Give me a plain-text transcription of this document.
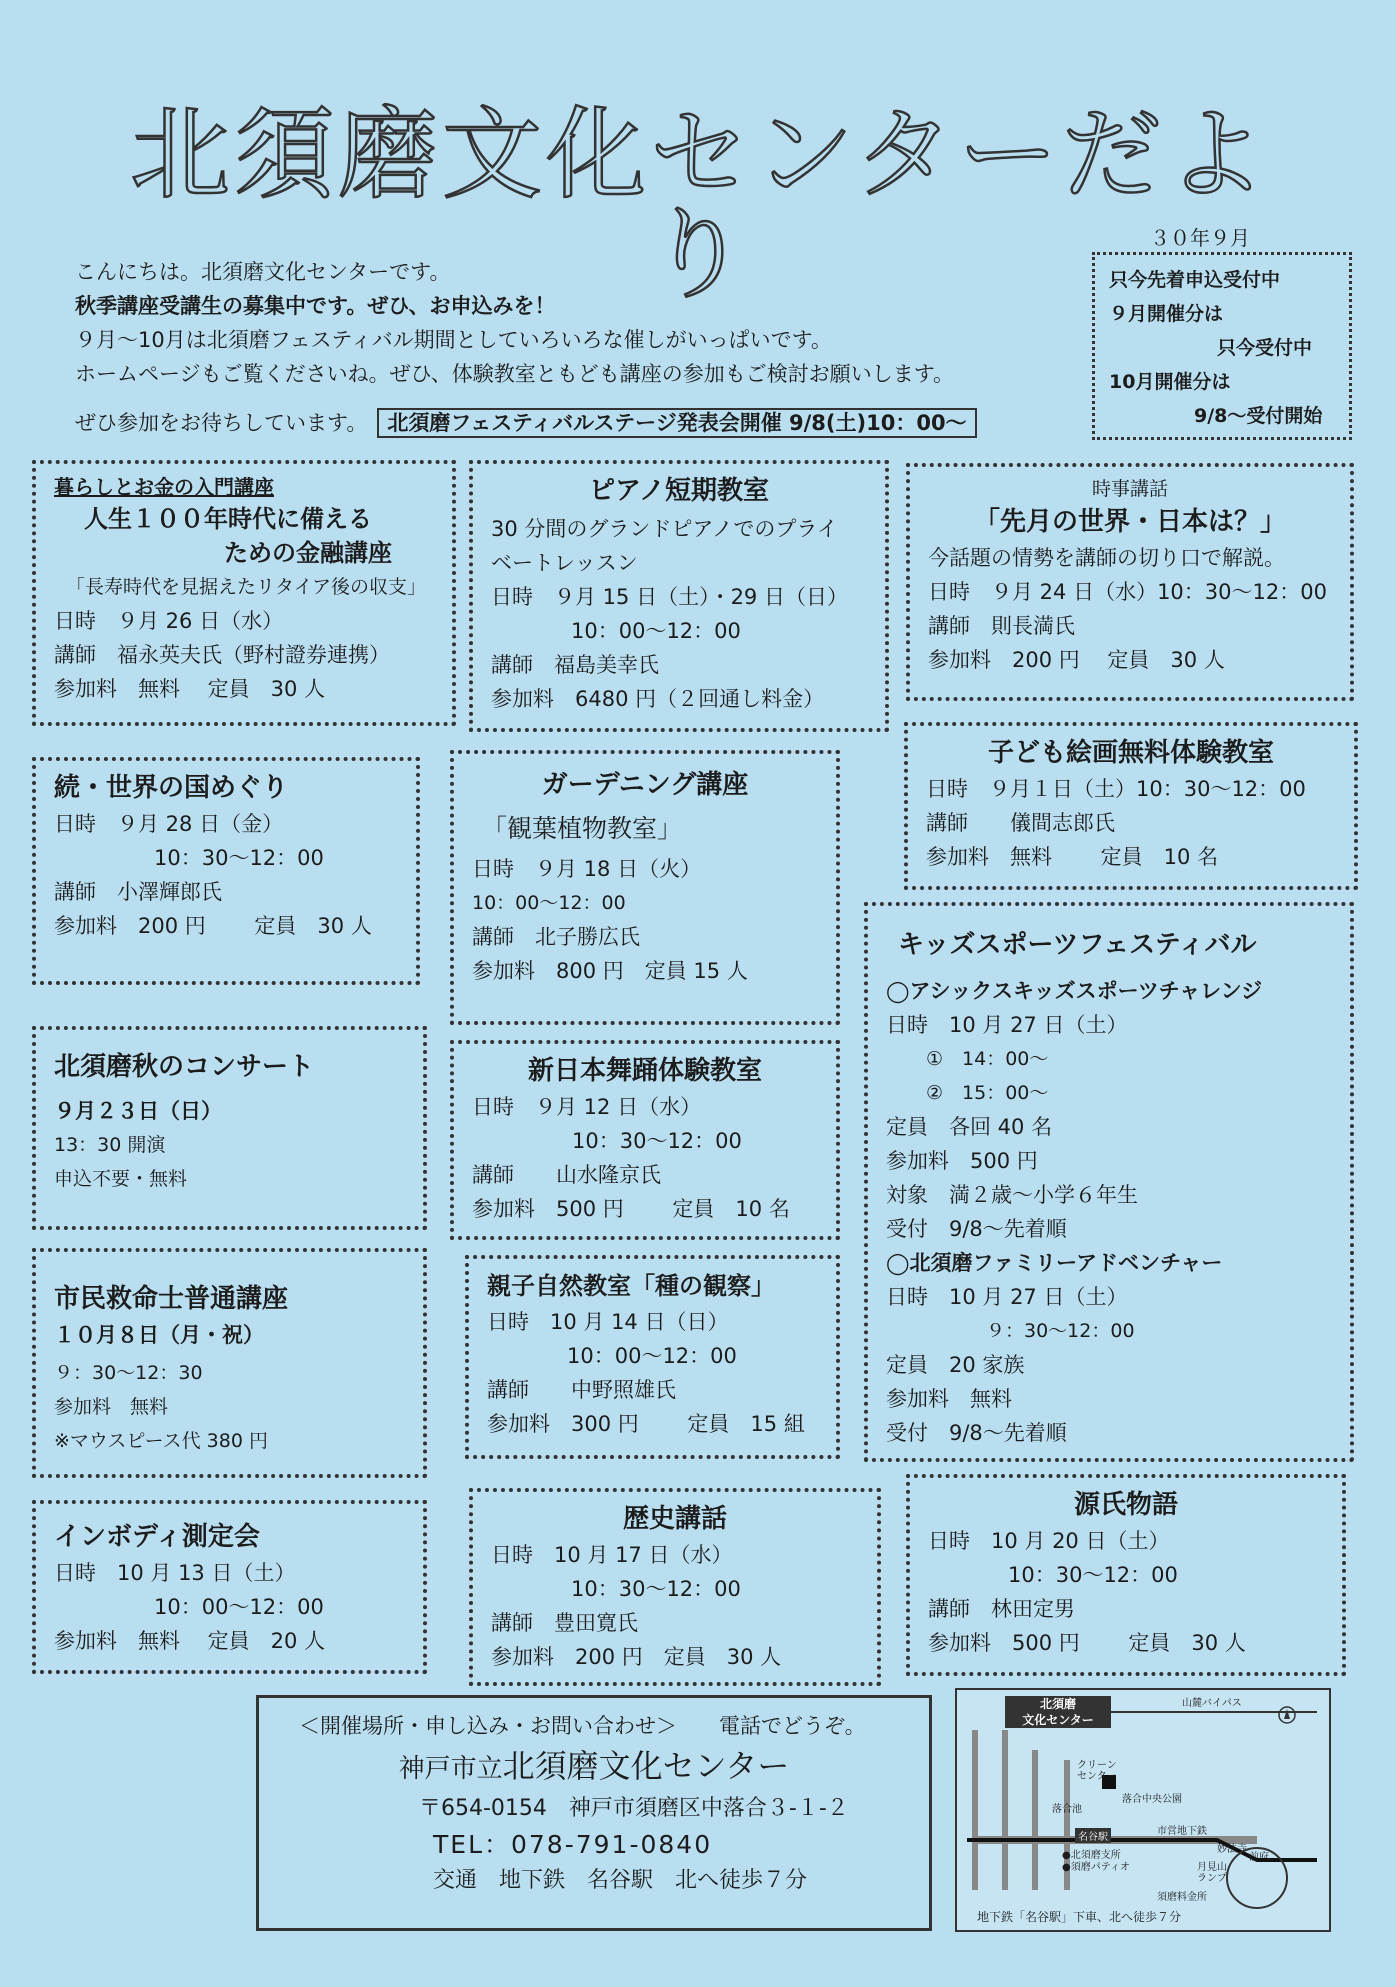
北須磨文化センターだより	３０年９月
こんにちは。北須磨文化センターです。
秋季講座受講生の募集中です。ぜひ、お申込みを！
９月～10月は北須磨フェスティバル期間としていろいろな催しがいっぱいです。
ホームページもご覧くださいね。ぜひ、体験教室ともども講座の参加もご検討お願いします。
ぜひ参加をお待ちしています。 北須磨フェスティバルステージ発表会開催 9/8(土)10：00～
只今先着申込受付中
９月開催分は
只今受付中
10月開催分は
9/8～受付開始
暮らしとお金の入門講座
人生１００年時代に備える
ための金融講座
「長寿時代を見据えたリタイア後の収支」
日時　９月 26 日（水）
講師　福永英夫氏（野村證券連携）
参加料　無料　 定員　30 人
続・世界の国めぐり
日時　９月 28 日（金）
10：30～12：00
講師　小澤輝郎氏
参加料　200 円　　 定員　30 人
北須磨秋のコンサート
９月２３日（日）
13：30 開演
申込不要・無料
市民救命士普通講座
１０月８日（月・祝）
９：30～12：30
参加料　無料
※マウスピース代 380 円
インボディ測定会
日時　10 月 13 日（土）
10：00～12：00
参加料　無料　 定員　20 人
ピアノ短期教室
30 分間のグランドピアノでのプライ
ベートレッスン
日時　９月 15 日（土）・29 日（日）
10：00～12：00
講師　福島美幸氏
参加料　6480 円（２回通し料金）
ガーデニング講座
「観葉植物教室」
日時　９月 18 日（火）
10：00～12：00
講師　北子勝広氏
参加料　800 円　定員 15 人
新日本舞踊体験教室
日時　９月 12 日（水）
10：30～12：00
講師　　山水隆京氏
参加料　500 円　　 定員　10 名
親子自然教室「種の観察」
日時　10 月 14 日（日）
10：00～12：00
講師　　中野照雄氏
参加料　300 円　　 定員　15 組
歴史講話
日時　10 月 17 日（水）
10：30～12：00
講師　豊田寛氏
参加料　200 円　定員　30 人
時事講話
「先月の世界・日本は？」
今話題の情勢を講師の切り口で解説。
日時　９月 24 日（水）10：30～12：00
講師　則長満氏
参加料　200 円　 定員　30 人
子ども絵画無料体験教室
日時　９月１日（土）10：30～12：00
講師　　儀間志郎氏
参加料　無料　　 定員　10 名
キッズスポーツフェスティバル
◯アシックスキッズスポーツチャレンジ
日時　10 月 27 日（土）
①　14：00～
②　15：00～
定員　各回 40 名
参加料　500 円
対象　満２歳～小学６年生
受付　9/8～先着順
◯北須磨ファミリーアドベンチャー
日時　10 月 27 日（土）
９：30～12：00
定員　20 家族
参加料　無料
受付　9/8～先着順
源氏物語
日時　10 月 20 日（土）
10：30～12：00
講師　林田定男
参加料　500 円　　 定員　30 人
＜開催場所・申し込み・お問い合わせ＞　　電話でどうぞ。
神戸市立北須磨文化センター
〒654-0154　神戸市須磨区中落合３-１-２
TEL：078-791-0840
交通　地下鉄　名谷駅　北へ徒歩７分
北須磨
文化センター
山麓バイパス
クリーン
センター
落合中央公園
落合池
名谷駅
市営地下鉄
●北須磨支所
●須磨パティオ
妙法寺
前府
月見山
ランプ
須磨料金所
地下鉄「名谷駅」下車、北へ徒歩７分
